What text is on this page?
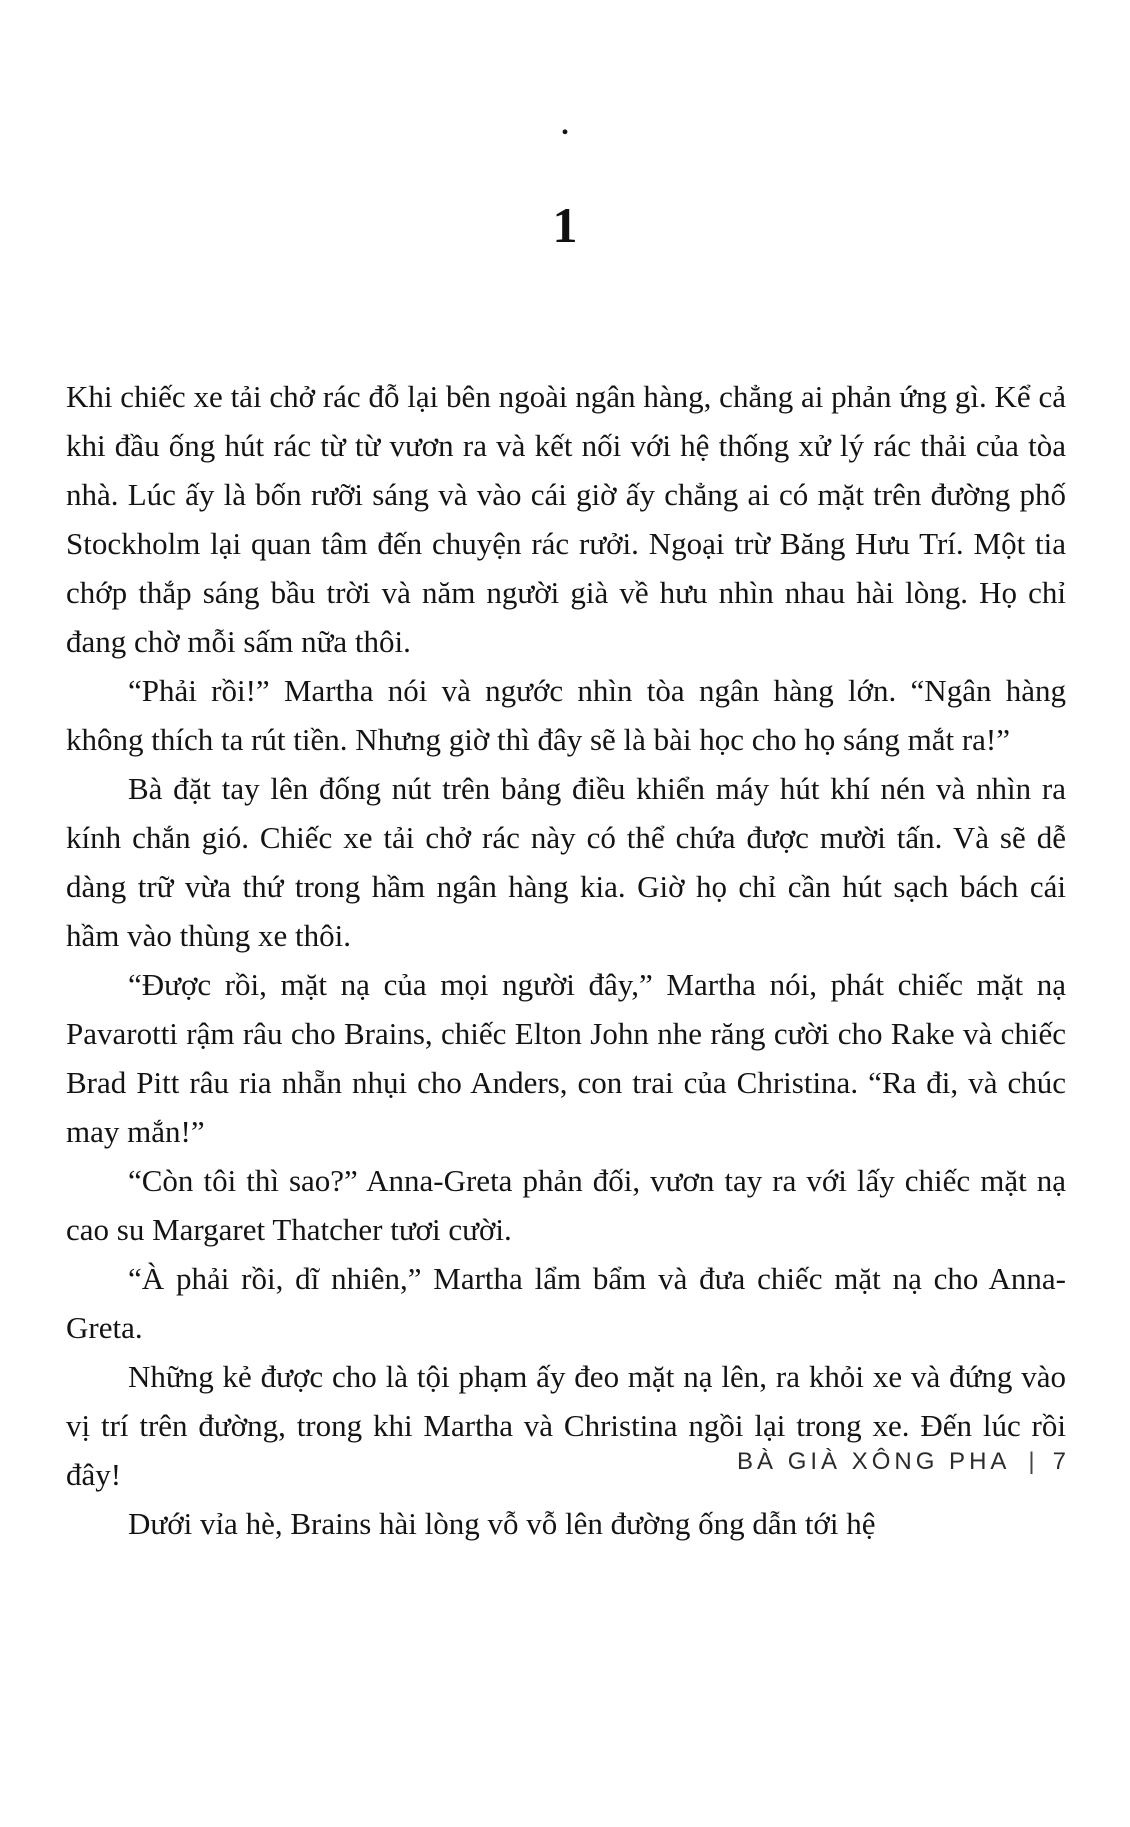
.
1

Khi chiếc xe tải chở rác đỗ lại bên ngoài ngân hàng, chẳng ai phản ứng gì. Kể cả khi đầu ống hút rác từ từ vươn ra và kết nối với hệ thống xử lý rác thải của tòa nhà. Lúc ấy là bốn rưỡi sáng và vào cái giờ ấy chẳng ai có mặt trên đường phố Stockholm lại quan tâm đến chuyện rác rưởi. Ngoại trừ Băng Hưu Trí. Một tia chớp thắp sáng bầu trời và năm người già về hưu nhìn nhau hài lòng. Họ chỉ đang chờ mỗi sấm nữa thôi.

“Phải rồi!” Martha nói và ngước nhìn tòa ngân hàng lớn. “Ngân hàng không thích ta rút tiền. Nhưng giờ thì đây sẽ là bài học cho họ sáng mắt ra!”

Bà đặt tay lên đống nút trên bảng điều khiển máy hút khí nén và nhìn ra kính chắn gió. Chiếc xe tải chở rác này có thể chứa được mười tấn. Và sẽ dễ dàng trữ vừa thứ trong hầm ngân hàng kia. Giờ họ chỉ cần hút sạch bách cái hầm vào thùng xe thôi.

“Được rồi, mặt nạ của mọi người đây,” Martha nói, phát chiếc mặt nạ Pavarotti rậm râu cho Brains, chiếc Elton John nhe răng cười cho Rake và chiếc Brad Pitt râu ria nhẵn nhụi cho Anders, con trai của Christina. “Ra đi, và chúc may mắn!”

“Còn tôi thì sao?” Anna-Greta phản đối, vươn tay ra với lấy chiếc mặt nạ cao su Margaret Thatcher tươi cười.

“À phải rồi, dĩ nhiên,” Martha lẩm bẩm và đưa chiếc mặt nạ cho Anna-Greta.

Những kẻ được cho là tội phạm ấy đeo mặt nạ lên, ra khỏi xe và đứng vào vị trí trên đường, trong khi Martha và Christina ngồi lại trong xe. Đến lúc rồi đây!

Dưới vỉa hè, Brains hài lòng vỗ vỗ lên đường ống dẫn tới hệ

BÀ GIÀ XÔNG PHA | 7
